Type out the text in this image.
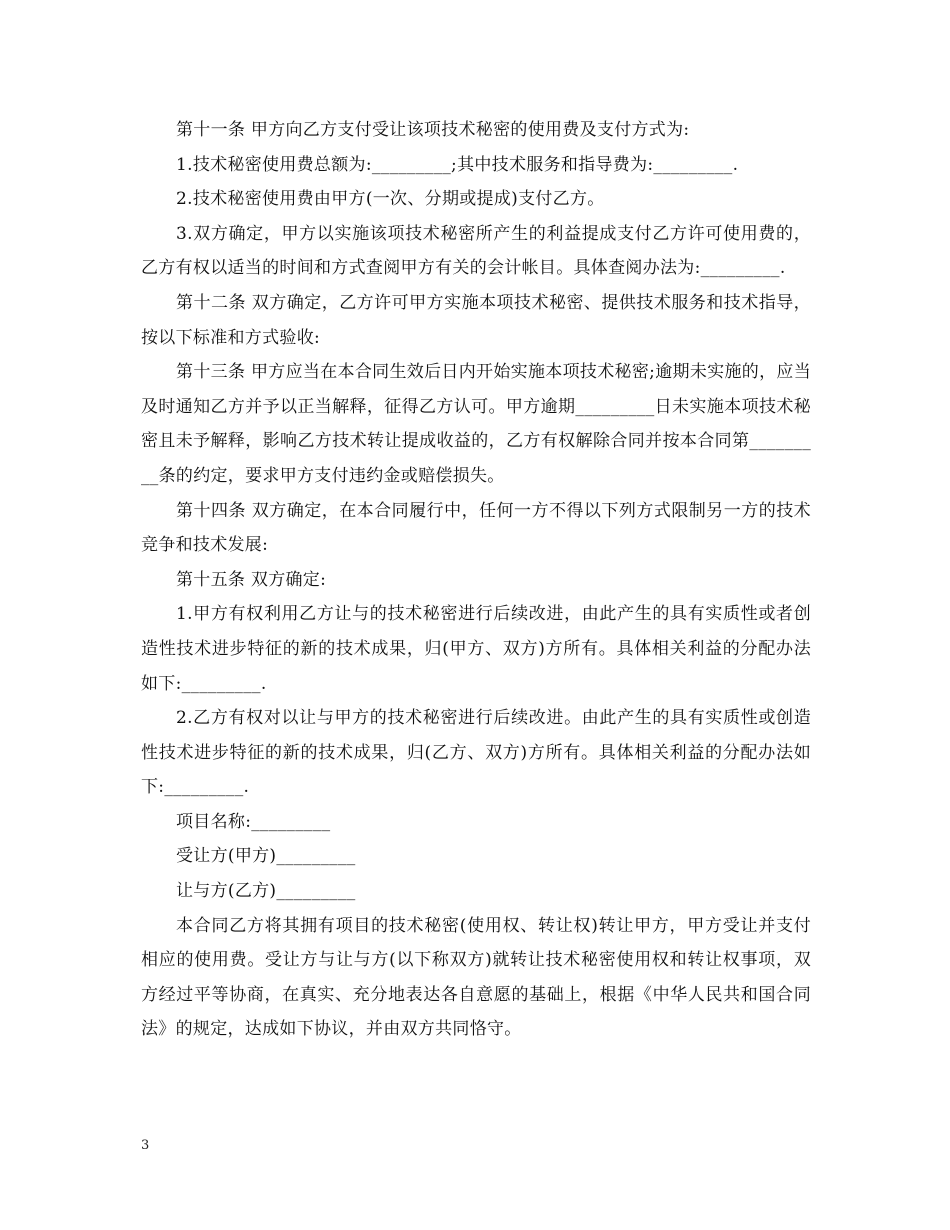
第十一条 甲方向乙方支付受让该项技术秘密的使用费及支付方式为:

1.技术秘密使用费总额为:_________;其中技术服务和指导费为:_________.

2.技术秘密使用费由甲方(一次、分期或提成)支付乙方。

3.双方确定，甲方以实施该项技术秘密所产生的利益提成支付乙方许可使用费的，乙方有权以适当的时间和方式查阅甲方有关的会计帐目。具体查阅办法为:_________.

第十二条 双方确定，乙方许可甲方实施本项技术秘密、提供技术服务和技术指导，按以下标准和方式验收:

第十三条 甲方应当在本合同生效后日内开始实施本项技术秘密;逾期未实施的，应当及时通知乙方并予以正当解释，征得乙方认可。甲方逾期_________日未实施本项技术秘密且未予解释，影响乙方技术转让提成收益的，乙方有权解除合同并按本合同第_________条的约定，要求甲方支付违约金或赔偿损失。

第十四条 双方确定，在本合同履行中，任何一方不得以下列方式限制另一方的技术竞争和技术发展:

第十五条 双方确定:

1.甲方有权利用乙方让与的技术秘密进行后续改进，由此产生的具有实质性或者创造性技术进步特征的新的技术成果，归(甲方、双方)方所有。具体相关利益的分配办法如下:_________.

2.乙方有权对以让与甲方的技术秘密进行后续改进。由此产生的具有实质性或创造性技术进步特征的新的技术成果，归(乙方、双方)方所有。具体相关利益的分配办法如下:_________.

项目名称:_________

受让方(甲方)_________

让与方(乙方)_________

本合同乙方将其拥有项目的技术秘密(使用权、转让权)转让甲方，甲方受让并支付相应的使用费。受让方与让与方(以下称双方)就转让技术秘密使用权和转让权事项，双方经过平等协商，在真实、充分地表达各自意愿的基础上，根据《中华人民共和国合同法》的规定，达成如下协议，并由双方共同恪守。

3
